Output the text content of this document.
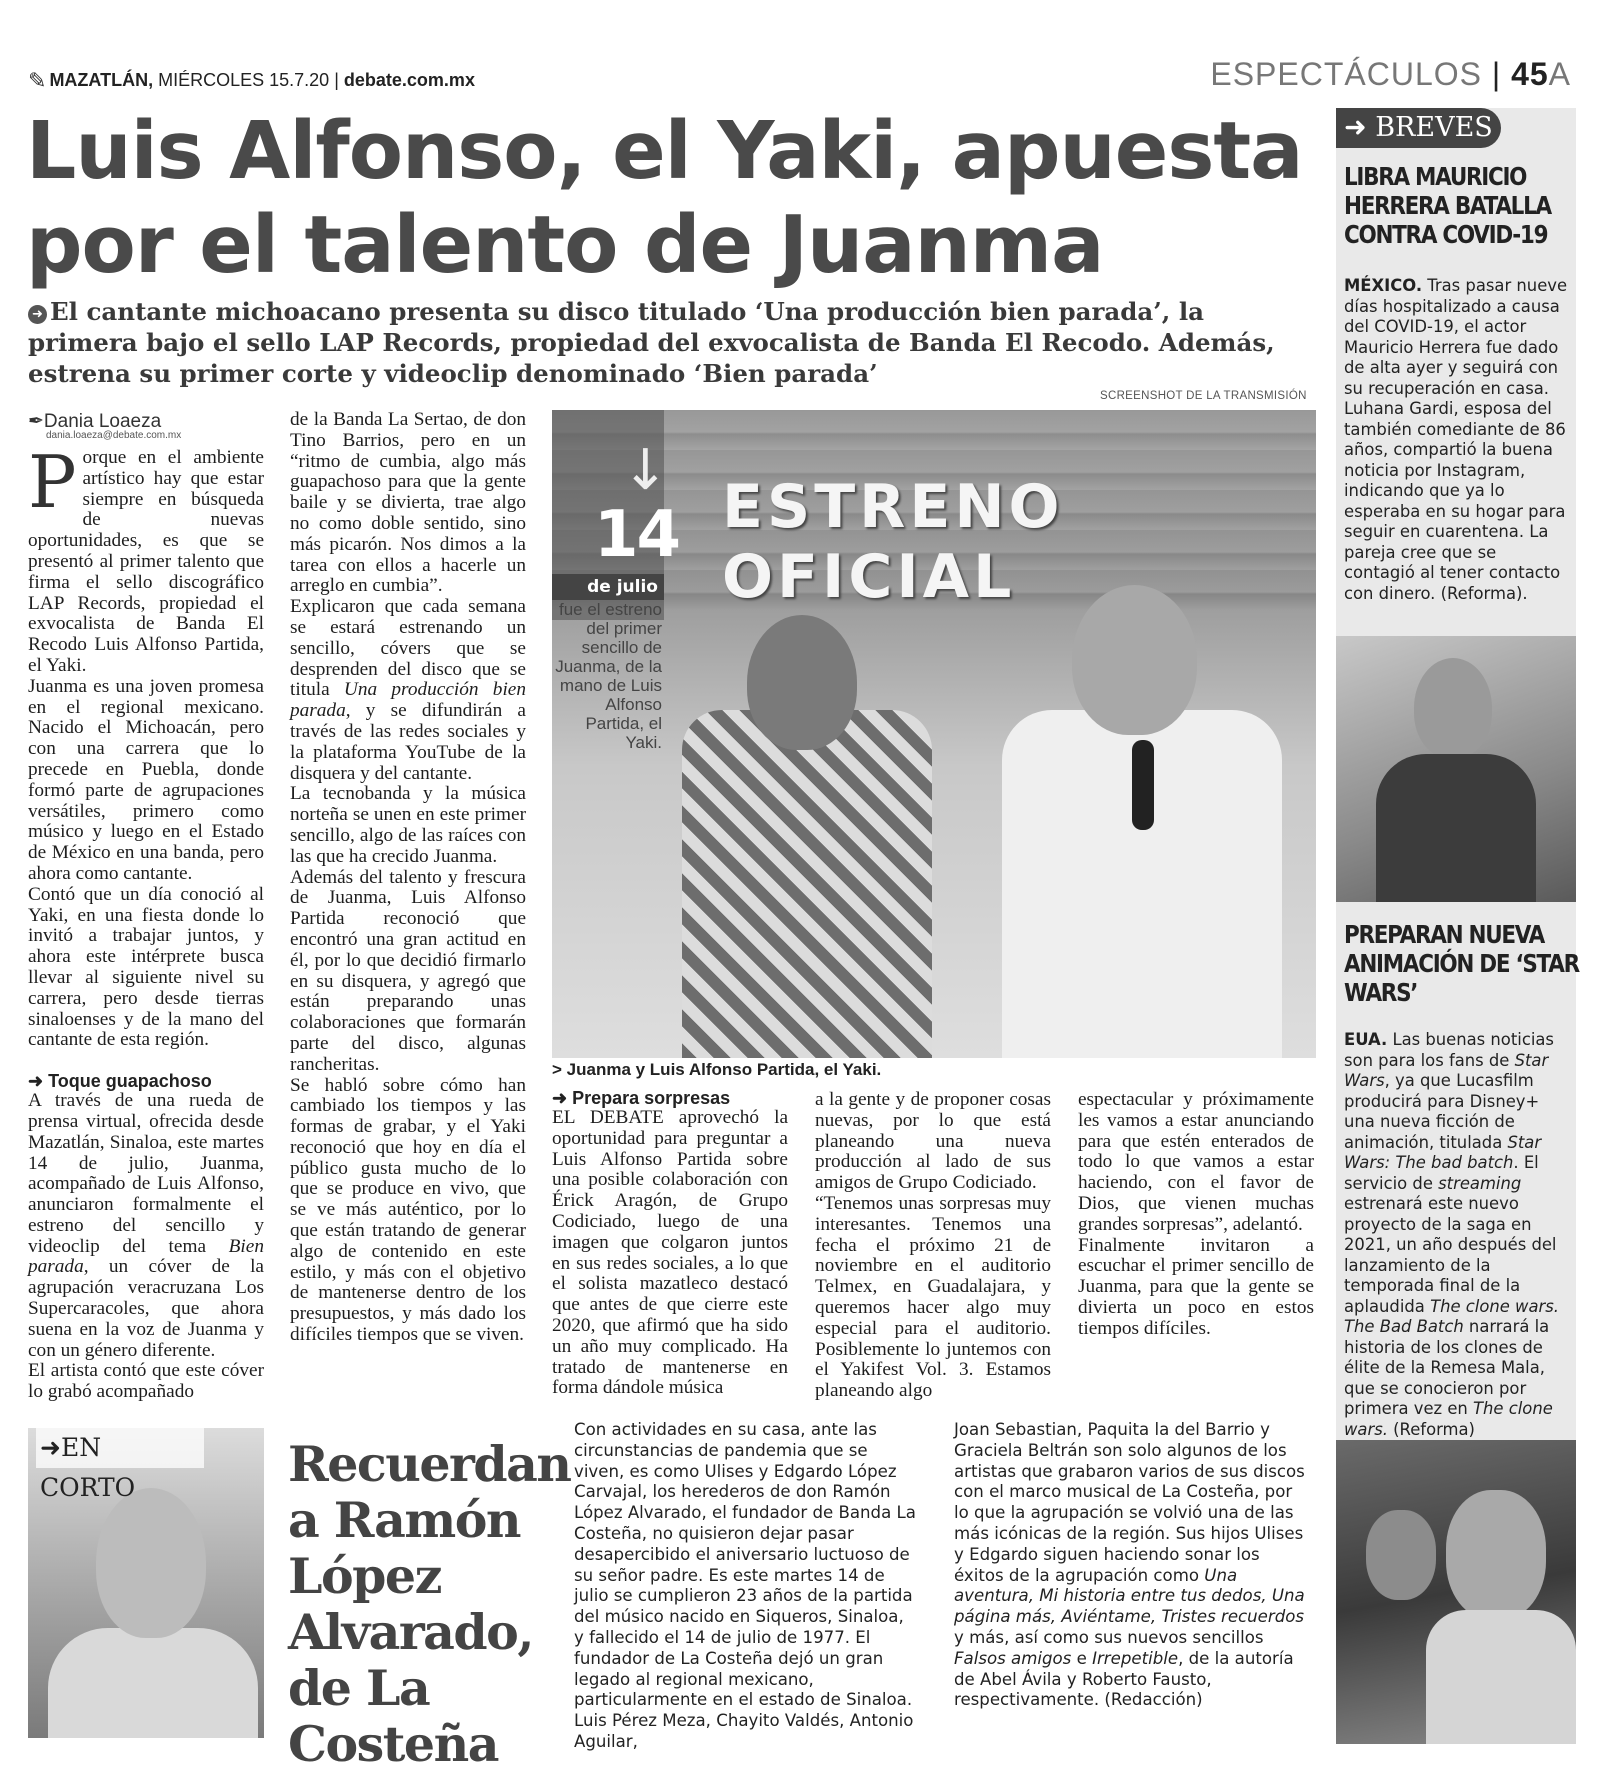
✎ MAZATLÁN, MIÉRCOLES 15.7.20 | debate.com.mx	ESPECTÁCULOS | 45A
Luis Alfonso, el Yaki, apuesta
por el talento de Juanma
➜ El cantante michoacano presenta su disco titulado ‘Una producción bien parada’, la primera bajo el sello LAP Records, propiedad del exvocalista de Banda El Recodo. Además, estrena su primer corte y videoclip denominado ‘Bien parada’
SCREENSHOT DE LA TRANSMISIÓN
✒Dania Loaeza
dania.loaeza@debate.com.mx

Porque en el ambiente artístico hay que estar siempre en búsqueda de nuevas oportunidades, es que se presentó al primer talento que firma el sello discográfico LAP Records, propiedad el exvocalista de Banda El Recodo Luis Alfonso Partida, el Yaki.

Juanma es una joven promesa en el regional mexicano. Nacido el Michoacán, pero con una carrera que lo precede en Puebla, donde formó parte de agrupaciones versátiles, primero como músico y luego en el Estado de México en una banda, pero ahora como cantante.

Contó que un día conoció al Yaki, en una fiesta donde lo invitó a trabajar juntos, y ahora este intérprete busca llevar al siguiente nivel su carrera, pero desde tierras sinaloenses y de la mano del cantante de esta región.

➜ Toque guapachoso

A través de una rueda de prensa virtual, ofrecida desde Mazatlán, Sinaloa, este martes 14 de julio, Juanma, acompañado de Luis Alfonso, anunciaron formalmente el estreno del sencillo y videoclip del tema Bien parada, un cóver de la agrupación veracruzana Los Supercaracoles, que ahora suena en la voz de Juanma y con un género diferente.

El artista contó que este cóver lo grabó acompañado

de la Banda La Sertao, de don Tino Barrios, pero en un “ritmo de cumbia, algo más guapachoso para que la gente baile y se divierta, trae algo no como doble sentido, sino más picarón. Nos dimos a la tarea con ellos a hacerle un arreglo en cumbia”.

Explicaron que cada semana se estará estrenando un sencillo, cóvers que se desprenden del disco que se titula Una producción bien parada, y se difundirán a través de las redes sociales y la plataforma YouTube de la disquera y del cantante.

La tecnobanda y la música norteña se unen en este primer sencillo, algo de las raíces con las que ha crecido Juanma.

Además del talento y frescura de Juanma, Luis Alfonso Partida reconoció que encontró una gran actitud en él, por lo que decidió firmarlo en su disquera, y agregó que están preparando unas colaboraciones que formarán parte del disco, algunas rancheritas.

Se habló sobre cómo han cambiado los tiempos y las formas de grabar, y el Yaki reconoció que hoy en día el público gusta mucho de lo que se produce en vivo, que se ve más auténtico, por lo que están tratando de generar algo de contenido en este estilo, y más con el objetivo de mantenerse dentro de los presupuestos, y más dado los difíciles tiempos que se viven.

ESTRENO OFICIAL
↓
14
de julio
fue el estreno del primer sencillo de Juanma, de la mano de Luis Alfonso Partida, el Yaki.
> Juanma y Luis Alfonso Partida, el Yaki.
➜ Prepara sorpresas

EL DEBATE aprovechó la oportunidad para preguntar a Luis Alfonso Partida sobre una posible colaboración con Érick Aragón, de Grupo Codiciado, luego de una imagen que colgaron juntos en sus redes sociales, a lo que el solista mazatleco destacó que antes de que cierre este 2020, que afirmó que ha sido un año muy complicado. Ha tratado de mantenerse en forma dándole música

a la gente y de proponer cosas nuevas, por lo que está planeando una nueva producción al lado de sus amigos de Grupo Codiciado.

“Tenemos unas sorpresas muy interesantes. Tenemos una fecha el próximo 21 de noviembre en el auditorio Telmex, en Guadalajara, y queremos hacer algo muy especial para el auditorio. Posiblemente lo juntemos con el Yakifest Vol. 3. Estamos planeando algo

espectacular y próximamente les vamos a estar anunciando para que estén enterados de todo lo que vamos a estar haciendo, con el favor de Dios, que vienen muchas grandes sorpresas”, adelantó.

Finalmente invitaron a escuchar el primer sencillo de Juanma, para que la gente se divierta un poco en estos tiempos difíciles.

➜ BREVES
LIBRA MAURICIO HERRERA BATALLA CONTRA COVID-19
MÉXICO. Tras pasar nueve días hospitalizado a causa del COVID-19, el actor Mauricio Herrera fue dado de alta ayer y seguirá con su recuperación en casa. Luhana Gardi, esposa del también comediante de 86 años, compartió la buena noticia por Instagram, indicando que ya lo esperaba en su hogar para seguir en cuarentena. La pareja cree que se contagió al tener contacto con dinero. (Reforma).
PREPARAN NUEVA ANIMACIÓN DE ‘STAR WARS’
EUA. Las buenas noticias son para los fans de Star Wars, ya que Lucasfilm producirá para Disney+ una nueva ficción de animación, titulada Star Wars: The bad batch. El servicio de streaming estrenará este nuevo proyecto de la saga en 2021, un año después del lanzamiento de la temporada final de la aplaudida The clone wars. The Bad Batch narrará la historia de los clones de élite de la Remesa Mala, que se conocieron por primera vez en The clone wars. (Reforma)
➜EN CORTO	Recuerdan a Ramón López Alvarado, de La Costeña
Con actividades en su casa, ante las circunstancias de pandemia que se viven, es como Ulises y Edgardo López Carvajal, los herederos de don Ramón López Alvarado, el fundador de Banda La Costeña, no quisieron dejar pasar desapercibido el aniversario luctuoso de su señor padre. Es este martes 14 de julio se cumplieron 23 años de la partida del músico nacido en Siqueros, Sinaloa, y fallecido el 14 de julio de 1977. El fundador de La Costeña dejó un gran legado al regional mexicano, particularmente en el estado de Sinaloa. Luis Pérez Meza, Chayito Valdés, Antonio Aguilar,
Joan Sebastian, Paquita la del Barrio y Graciela Beltrán son solo algunos de los artistas que grabaron varios de sus discos con el marco musical de La Costeña, por lo que la agrupación se volvió una de las más icónicas de la región. Sus hijos Ulises y Edgardo siguen haciendo sonar los éxitos de la agrupación como Una aventura, Mi historia entre tus dedos, Una página más, Aviéntame, Tristes recuerdos y más, así como sus nuevos sencillos Falsos amigos e Irrepetible, de la autoría de Abel Ávila y Roberto Fausto, respectivamente. (Redacción)
